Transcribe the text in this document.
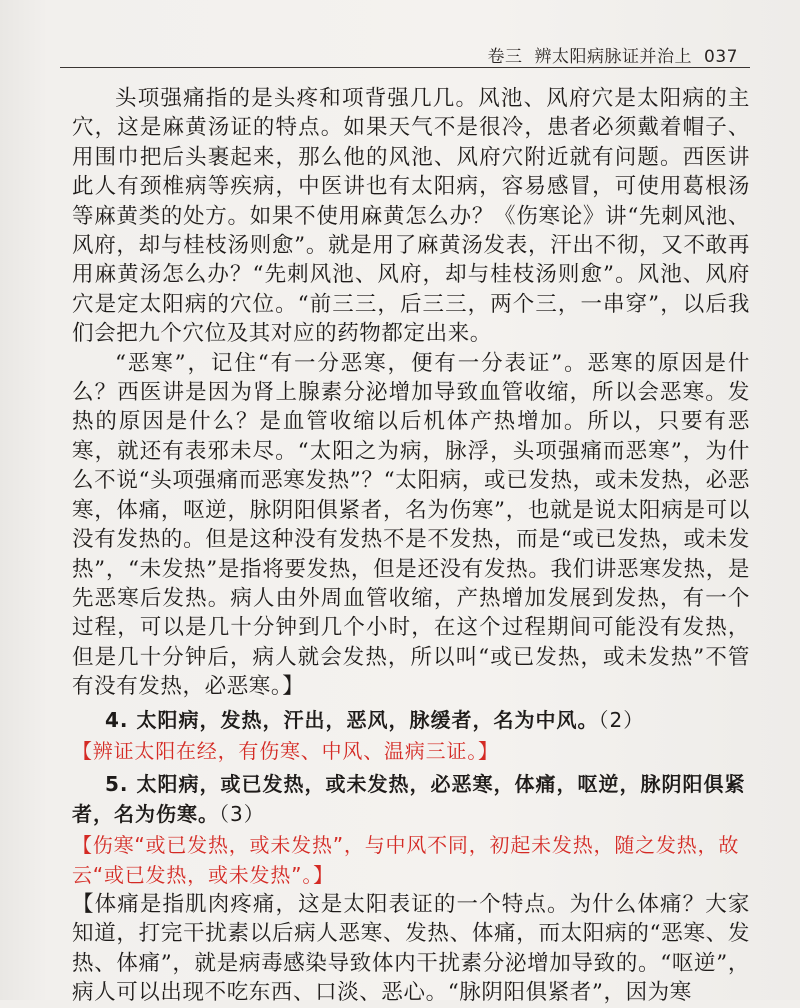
卷三 辨太阳病脉证并治上 037

头项强痛指的是头疼和项背强几几。风池、风府穴是太阳病的主穴，这是麻黄汤证的特点。如果天气不是很冷，患者必须戴着帽子、用围巾把后头裹起来，那么他的风池、风府穴附近就有问题。西医讲此人有颈椎病等疾病，中医讲也有太阳病，容易感冒，可使用葛根汤等麻黄类的处方。如果不使用麻黄怎么办？《伤寒论》讲“先刺风池、风府，却与桂枝汤则愈”。就是用了麻黄汤发表，汗出不彻，又不敢再用麻黄汤怎么办？“先刺风池、风府，却与桂枝汤则愈”。风池、风府穴是定太阳病的穴位。“前三三，后三三，两个三，一串穿”，以后我们会把九个穴位及其对应的药物都定出来。

“恶寒”，记住“有一分恶寒，便有一分表证”。恶寒的原因是什么？西医讲是因为肾上腺素分泌增加导致血管收缩，所以会恶寒。发热的原因是什么？是血管收缩以后机体产热增加。所以，只要有恶寒，就还有表邪未尽。“太阳之为病，脉浮，头项强痛而恶寒”，为什么不说“头项强痛而恶寒发热”？“太阳病，或已发热，或未发热，必恶寒，体痛，呕逆，脉阴阳俱紧者，名为伤寒”，也就是说太阳病是可以没有发热的。但是这种没有发热不是不发热，而是“或已发热，或未发热”，“未发热”是指将要发热，但是还没有发热。我们讲恶寒发热，是先恶寒后发热。病人由外周血管收缩，产热增加发展到发热，有一个过程，可以是几十分钟到几个小时，在这个过程期间可能没有发热，但是几十分钟后，病人就会发热，所以叫“或已发热，或未发热”不管有没有发热，必恶寒。】

4. 太阳病，发热，汗出，恶风，脉缓者，名为中风。（2）

【辨证太阳在经，有伤寒、中风、温病三证。】

5. 太阳病，或已发热，或未发热，必恶寒，体痛，呕逆，脉阴阳俱紧者，名为伤寒。（3）

【伤寒“或已发热，或未发热”，与中风不同，初起未发热，随之发热，故云“或已发热，或未发热”。】

【体痛是指肌肉疼痛，这是太阳表证的一个特点。为什么体痛？大家知道，打完干扰素以后病人恶寒、发热、体痛，而太阳病的“恶寒、发热、体痛”，就是病毒感染导致体内干扰素分泌增加导致的。“呕逆”，病人可以出现不吃东西、口淡、恶心。“脉阴阳俱紧者”，因为寒
